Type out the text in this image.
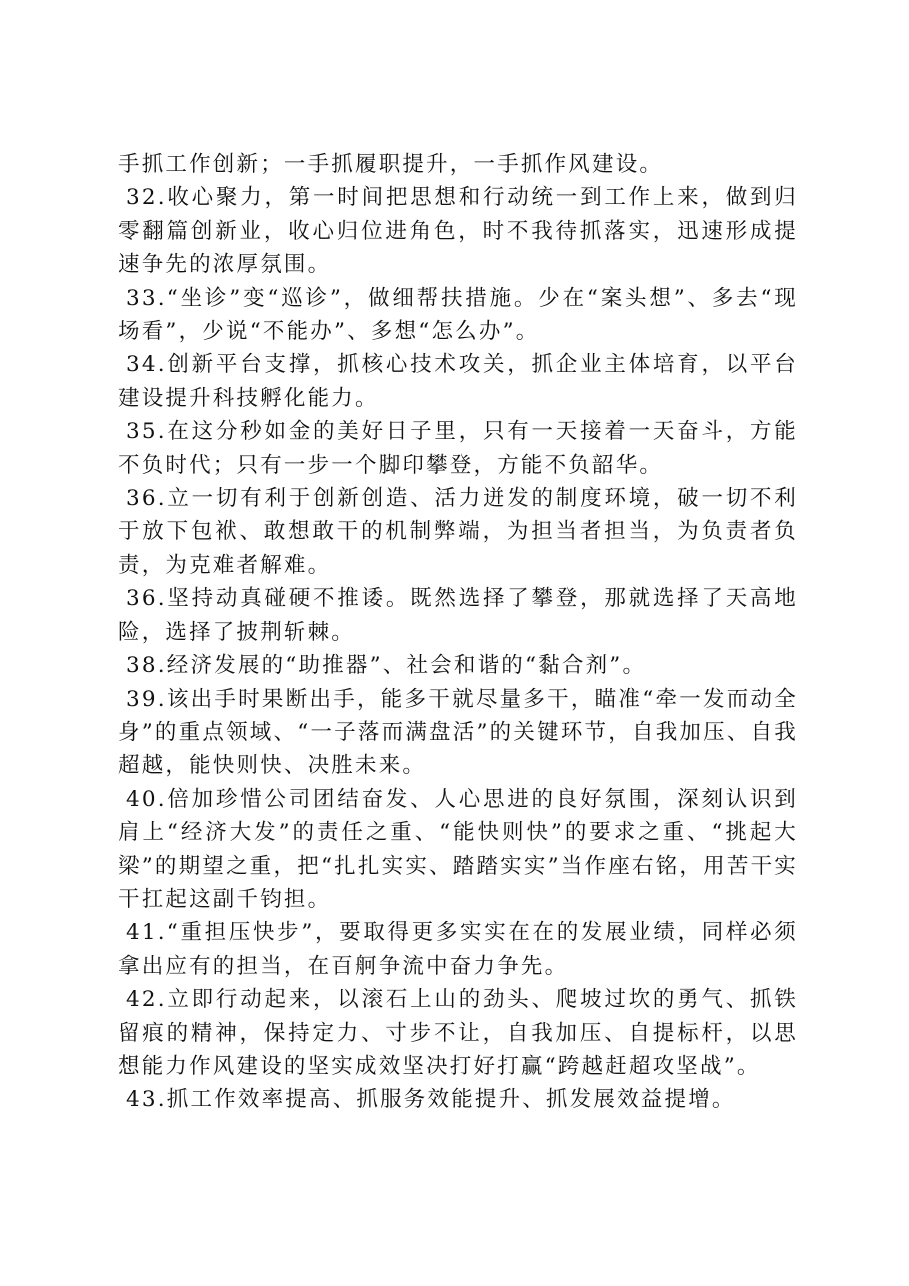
手抓工作创新；一手抓履职提升，一手抓作风建设。

32.收心聚力，第一时间把思想和行动统一到工作上来，做到归零翻篇创新业，收心归位进角色，时不我待抓落实，迅速形成提速争先的浓厚氛围。

33.“坐诊”变“巡诊”，做细帮扶措施。少在“案头想”、多去“现场看”，少说“不能办”、多想“怎么办”。

34.创新平台支撑，抓核心技术攻关，抓企业主体培育，以平台建设提升科技孵化能力。

35.在这分秒如金的美好日子里，只有一天接着一天奋斗，方能不负时代；只有一步一个脚印攀登，方能不负韶华。

36.立一切有利于创新创造、活力迸发的制度环境，破一切不利于放下包袱、敢想敢干的机制弊端，为担当者担当，为负责者负责，为克难者解难。

36.坚持动真碰硬不推诿。既然选择了攀登，那就选择了天高地险，选择了披荆斩棘。

38.经济发展的“助推器”、社会和谐的“黏合剂”。

39.该出手时果断出手，能多干就尽量多干，瞄准“牵一发而动全身”的重点领域、“一子落而满盘活”的关键环节，自我加压、自我超越，能快则快、决胜未来。

40.倍加珍惜公司团结奋发、人心思进的良好氛围，深刻认识到肩上“经济大发”的责任之重、“能快则快”的要求之重、“挑起大梁”的期望之重，把“扎扎实实、踏踏实实”当作座右铭，用苦干实干扛起这副千钧担。

41.“重担压快步”，要取得更多实实在在的发展业绩，同样必须拿出应有的担当，在百舸争流中奋力争先。

42.立即行动起来，以滚石上山的劲头、爬坡过坎的勇气、抓铁留痕的精神，保持定力、寸步不让，自我加压、自提标杆，以思想能力作风建设的坚实成效坚决打好打赢“跨越赶超攻坚战”。

43.抓工作效率提高、抓服务效能提升、抓发展效益提增。
